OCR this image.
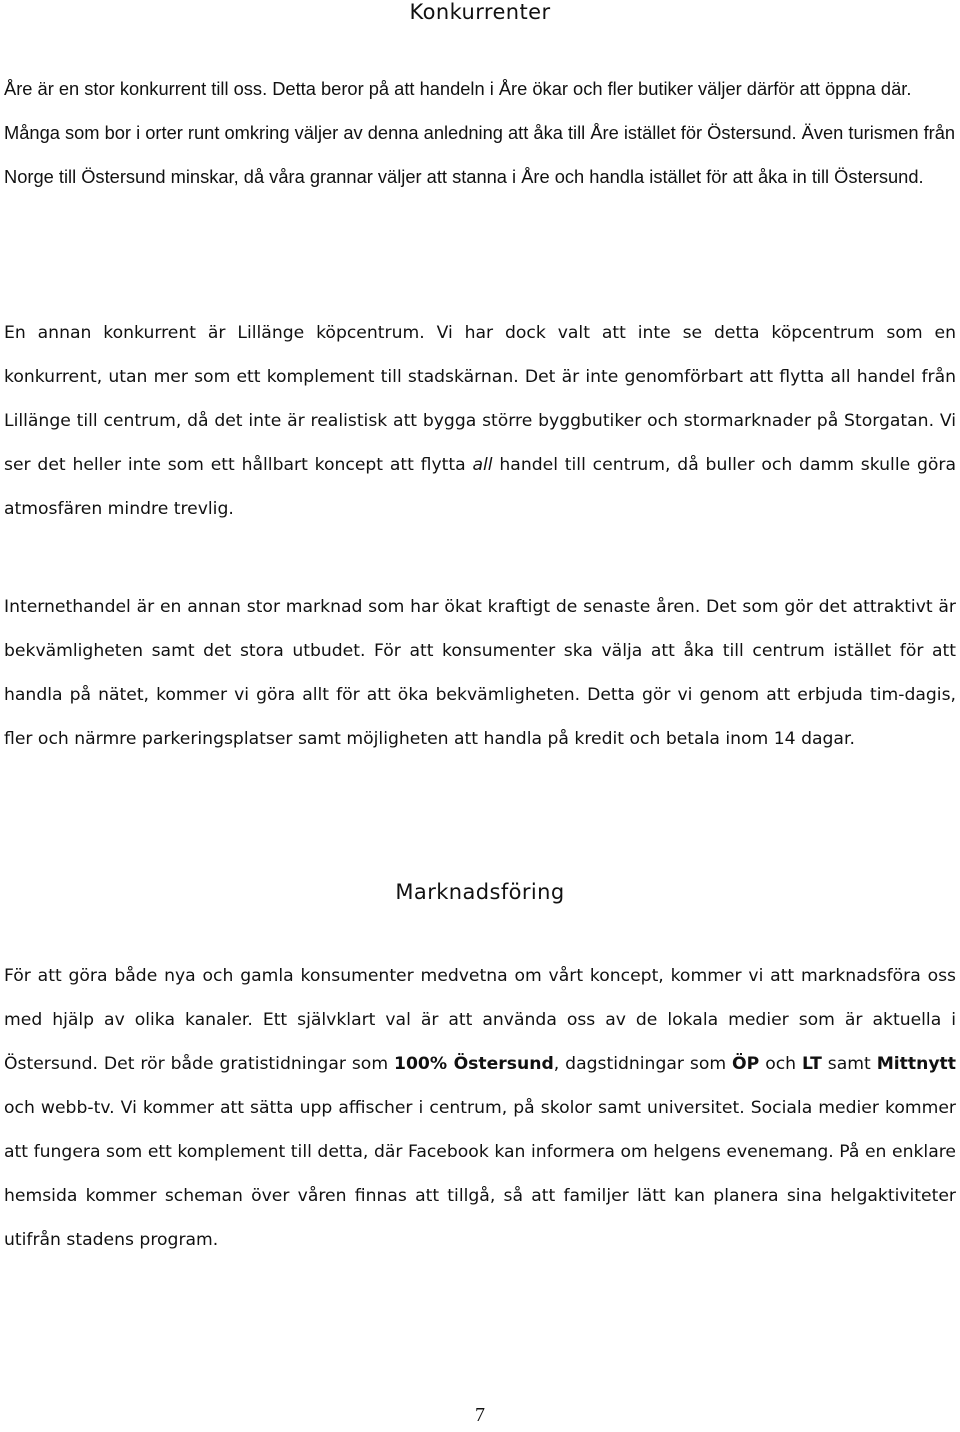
Konkurrenter

Åre är en stor konkurrent till oss. Detta beror på att handeln i Åre ökar och fler butiker väljer därför att öppna där. Många som bor i orter runt omkring väljer av denna anledning att åka till Åre istället för Östersund. Även turismen från Norge till Östersund minskar, då våra grannar väljer att stanna i Åre och handla istället för att åka in till Östersund.

En annan konkurrent är Lillänge köpcentrum. Vi har dock valt att inte se detta köpcentrum som en konkurrent, utan mer som ett komplement till stadskärnan. Det är inte genomförbart att flytta all handel från Lillänge till centrum, då det inte är realistisk att bygga större byggbutiker och stormarknader på Storgatan. Vi ser det heller inte som ett hållbart koncept att flytta all handel till centrum, då buller och damm skulle göra atmosfären mindre trevlig.

Internethandel är en annan stor marknad som har ökat kraftigt de senaste åren. Det som gör det attraktivt är bekvämligheten samt det stora utbudet. För att konsumenter ska välja att åka till centrum istället för att handla på nätet, kommer vi göra allt för att öka bekvämligheten. Detta gör vi genom att erbjuda tim-dagis, fler och närmre parkeringsplatser samt möjligheten att handla på kredit och betala inom 14 dagar.

Marknadsföring

För att göra både nya och gamla konsumenter medvetna om vårt koncept, kommer vi att marknadsföra oss med hjälp av olika kanaler. Ett självklart val är att använda oss av de lokala medier som är aktuella i Östersund. Det rör både gratistidningar som 100% Östersund, dagstidningar som ÖP och LT samt Mittnytt och webb-tv. Vi kommer att sätta upp affischer i centrum, på skolor samt universitet. Sociala medier kommer att fungera som ett komplement till detta, där Facebook kan informera om helgens evenemang. På en enklare hemsida kommer scheman över våren finnas att tillgå, så att familjer lätt kan planera sina helgaktiviteter utifrån stadens program.

7
